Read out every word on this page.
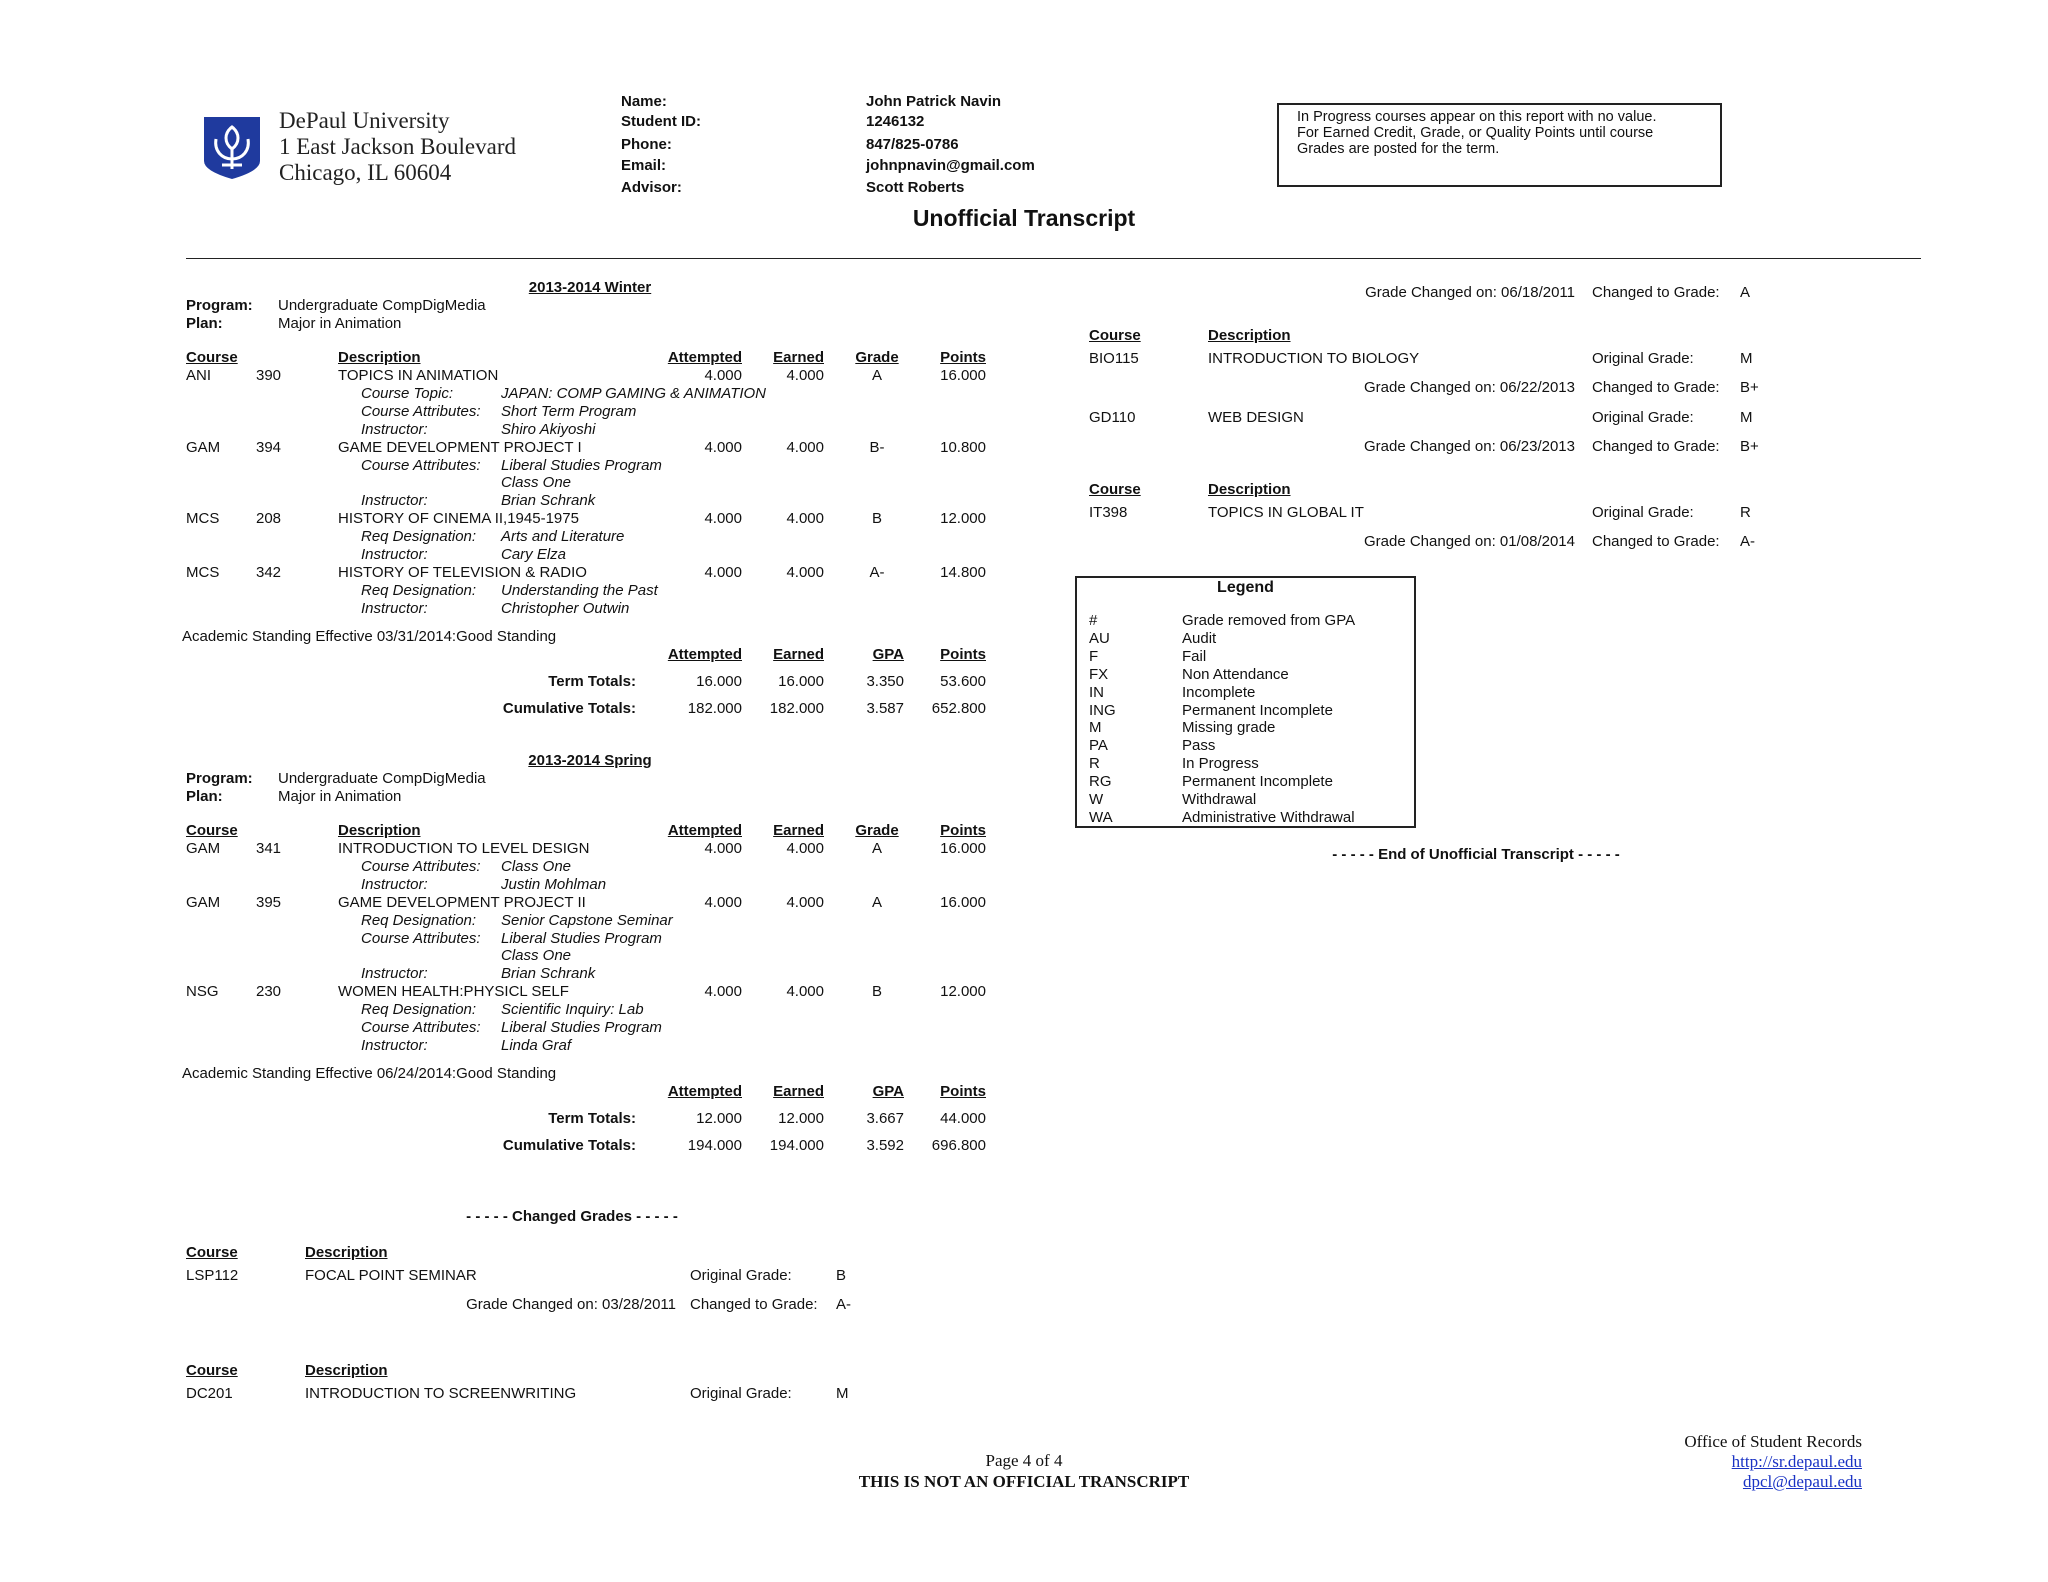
DePaul University
1 East Jackson Boulevard
Chicago, IL 60604
Name:	John Patrick Navin
Student ID:	1246132
Phone:	847/825-0786
Email:	johnpnavin@gmail.com
Advisor:	Scott Roberts
In Progress courses appear on this report with no value.
For Earned Credit, Grade, or Quality Points until course
Grades are posted for the term.
Unofficial Transcript
2013-2014 Winter
Program: Undergraduate CompDigMedia
Plan:	Major in Animation
Course	Description	Attempted	Earned	Grade	Points
ANI	390	TOPICS IN ANIMATION	4.000	4.000	A	16.000
Course Topic:	JAPAN: COMP GAMING & ANIMATION
Course Attributes: Short Term Program
Instructor:	Shiro Akiyoshi
GAM 394	GAME DEVELOPMENT PROJECT I	4.000	4.000	B-	10.800
Course Attributes: Liberal Studies Program
Class One
Instructor:	Brian Schrank
MCS 208	HISTORY OF CINEMA II,1945-1975	4.000	4.000	B	12.000
Req Designation: Arts and Literature
Instructor:	Cary Elza
MCS 342	HISTORY OF TELEVISION & RADIO	4.000	4.000	A-	14.800
Req Designation: Understanding the Past
Instructor:	Christopher Outwin
Academic Standing Effective 03/31/2014:Good Standing
Attempted	Earned	GPA	Points
Term Totals:	16.000	16.000	3.350	53.600
Cumulative Totals:	182.000	182.000	3.587	652.800
2013-2014 Spring
Program: Undergraduate CompDigMedia
Plan:	Major in Animation
Course	Description	Attempted	Earned	Grade	Points
GAM 341	INTRODUCTION TO LEVEL DESIGN	4.000	4.000	A	16.000
Course Attributes: Class One
Instructor:	Justin Mohlman
GAM 395	GAME DEVELOPMENT PROJECT II	4.000	4.000	A	16.000
Req Designation: Senior Capstone Seminar
Course Attributes: Liberal Studies Program
Class One
Instructor:	Brian Schrank
NSG 230	WOMEN HEALTH:PHYSICL SELF	4.000	4.000	B	12.000
Req Designation: Scientific Inquiry: Lab
Course Attributes: Liberal Studies Program
Instructor:	Linda Graf
Academic Standing Effective 06/24/2014:Good Standing
Attempted	Earned	GPA	Points
Term Totals:	12.000	12.000	3.667	44.000
Cumulative Totals:	194.000	194.000	3.592	696.800
- - - - - Changed Grades - - - - -
Course	Description
LSP112	FOCAL POINT SEMINAR	Original Grade:	B
Grade Changed on: 03/28/2011 Changed to Grade: A-
Course	Description
DC201	INTRODUCTION TO SCREENWRITING	Original Grade:	M
Grade Changed on: 06/18/2011 Changed to Grade: A
Course	Description
BIO115	INTRODUCTION TO BIOLOGY	Original Grade:	M
Grade Changed on: 06/22/2013 Changed to Grade: B+
GD110	WEB DESIGN	Original Grade:	M
Grade Changed on: 06/23/2013 Changed to Grade: B+
Course	Description
IT398	TOPICS IN GLOBAL IT	Original Grade:	R
Grade Changed on: 01/08/2014 Changed to Grade: A-
Legend
#	Grade removed from GPA
AU	Audit
F	Fail
FX	Non Attendance
IN	Incomplete
ING	Permanent Incomplete
M	Missing grade
PA	Pass
R	In Progress
RG	Permanent Incomplete
W	Withdrawal
WA	Administrative Withdrawal
- - - - - End of Unofficial Transcript - - - - -
Page 4 of 4
THIS IS NOT AN OFFICIAL TRANSCRIPT
Office of Student Records
http://sr.depaul.edu
dpcl@depaul.edu
